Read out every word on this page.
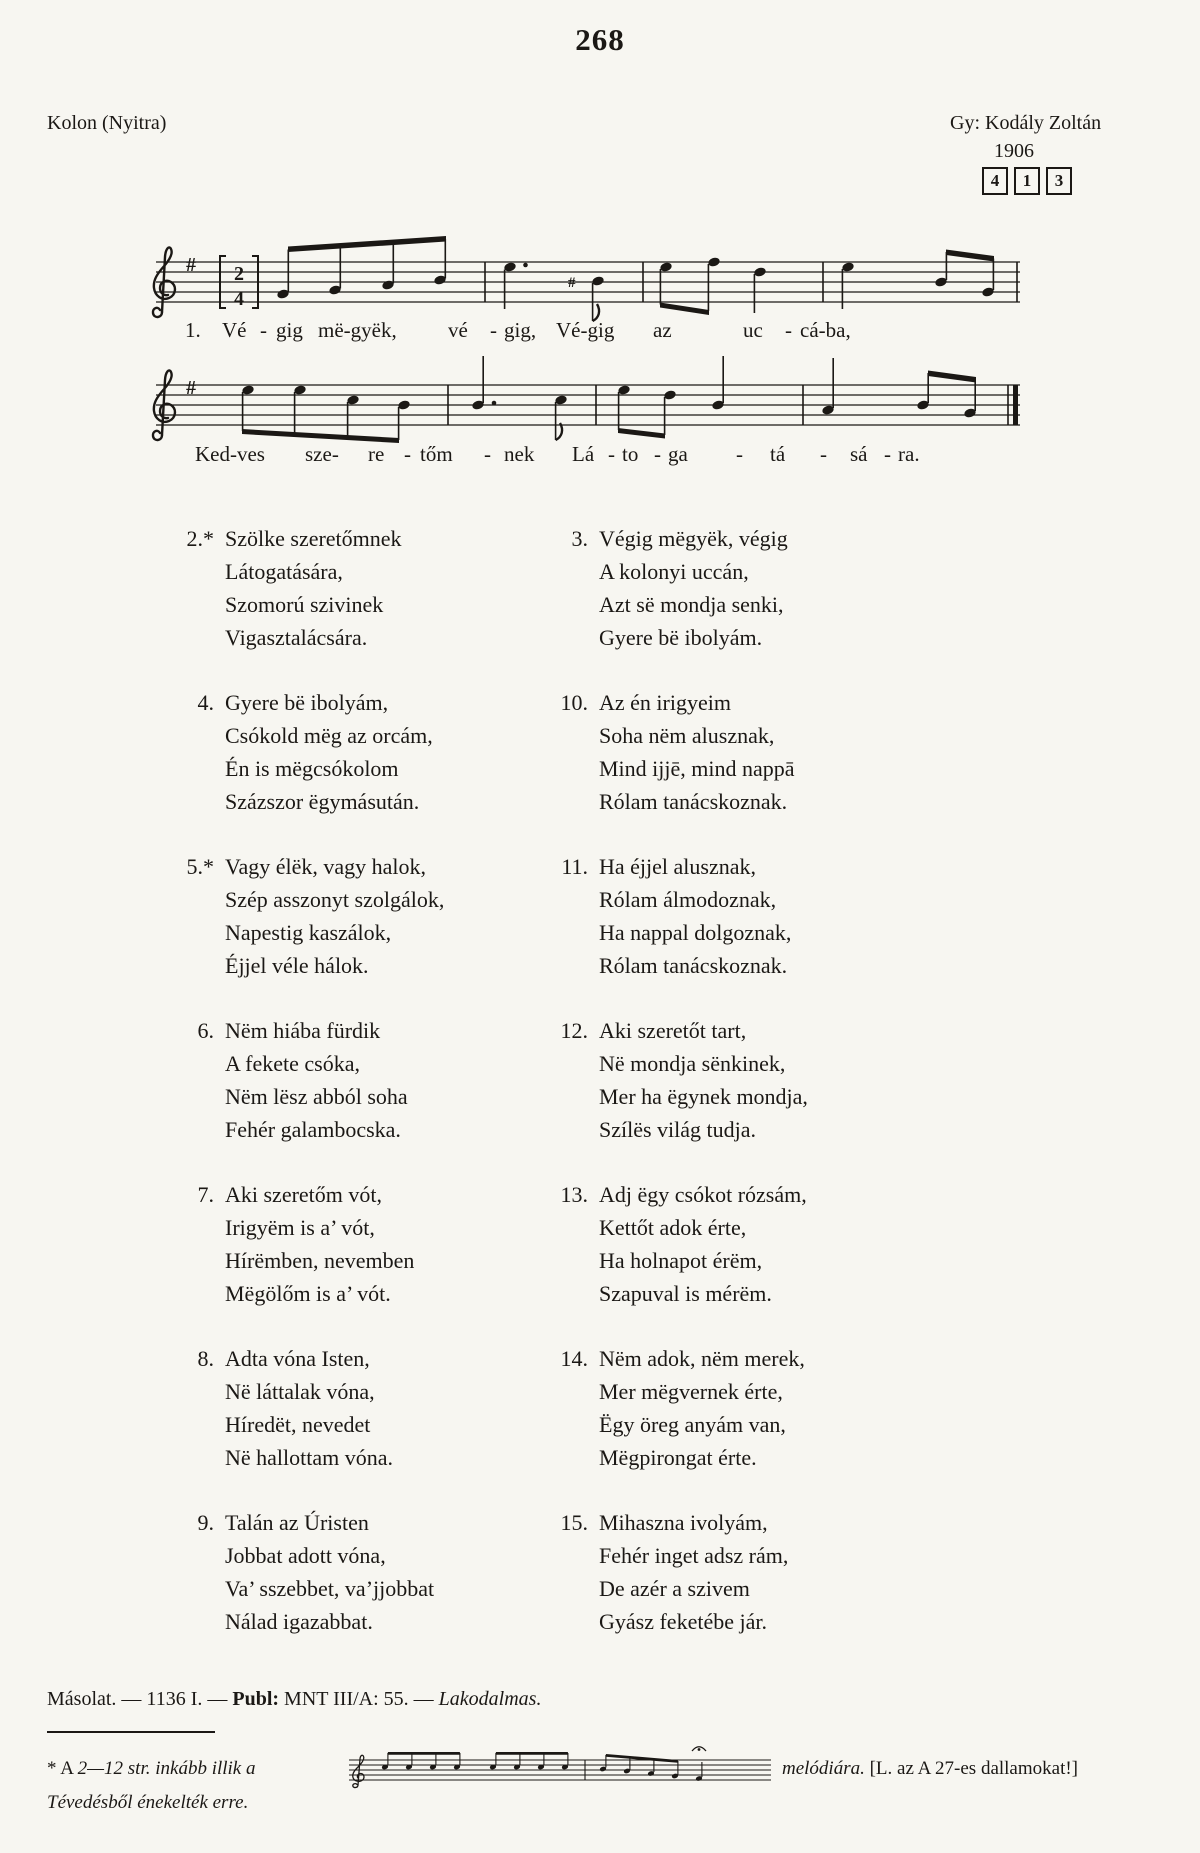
268
Kolon (Nyitra)	Gy: Kodály Zoltán
1906
4	1	3
# 2
4
#
1. Vé - gig më-gyëk, vé - gig, Vé-gig az	uc - cá-ba,
#
Ked-ves sze- re - tőm - nek Lá - to - ga - tá - sá - ra.
2.* Szölke szeretőmnek
Látogatására,
Szomorú szivinek
Vigasztalácsára.
4. Gyere bë ibolyám,
Csókold mëg az orcám,
Én is mëgcsókolom
Százszor ëgymásután.
5.* Vagy élëk, vagy halok,
Szép asszonyt szolgálok,
Napestig kaszálok,
Éjjel véle hálok.
6. Nëm hiába fürdik
A fekete csóka,
Nëm lësz abból soha
Fehér galambocska.
7. Aki szeretőm vót,
Irigyëm is a’ vót,
Hírëmben, nevemben
Mëgölőm is a’ vót.
8. Adta vóna Isten,
Në láttalak vóna,
Híredët, nevedet
Në hallottam vóna.
9. Talán az Úristen
Jobbat adott vóna,
Va’ sszebbet, va’jjobbat
Nálad igazabbat.
3. Végig mëgyëk, végig
A kolonyi uccán,
Azt së mondja senki,
Gyere bë ibolyám.
10. Az én irigyeim
Soha nëm alusznak,
Mind ijjē, mind nappā
Rólam tanácskoznak.
11. Ha éjjel alusznak,
Rólam álmodoznak,
Ha nappal dolgoznak,
Rólam tanácskoznak.
12. Aki szeretőt tart,
Në mondja sënkinek,
Mer ha ëgynek mondja,
Szílës világ tudja.
13. Adj ëgy csókot rózsám,
Kettőt adok érte,
Ha holnapot érëm,
Szapuval is mérëm.
14. Nëm adok, nëm merek,
Mer mëgvernek érte,
Ëgy öreg anyám van,
Mëgpirongat érte.
15. Mihaszna ivolyám,
Fehér inget adsz rám,
De azér a szivem
Gyász feketébe jár.
Másolat. — 1136 I. — Publ: MNT III/A: 55. — Lakodalmas.
* A 2—12 str. inkább illik a	melódiára. [L. az A 27-es dallamokat!]
Tévedésből énekelték erre.
